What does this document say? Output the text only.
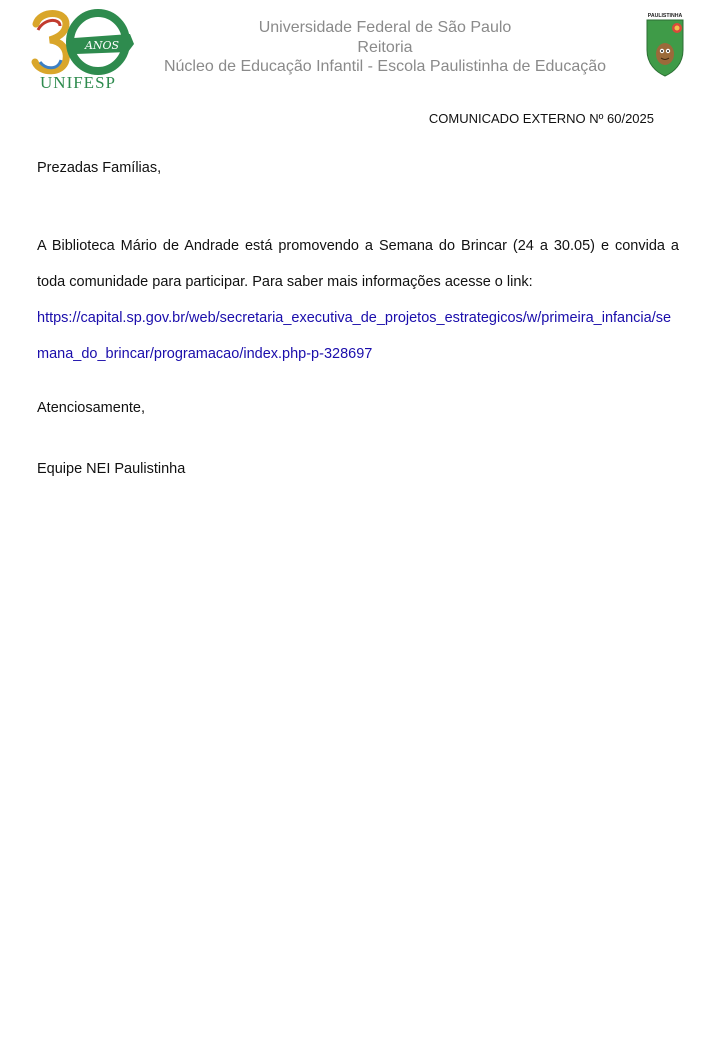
ANOS
UNIFESP
Universidade Federal de São Paulo
Reitoria
Núcleo de Educação Infantil - Escola Paulistinha de Educação
PAULISTINHA
COMUNICADO EXTERNO Nº 60/2025
Prezadas Famílias,
A Biblioteca Mário de Andrade está promovendo a Semana do Brincar (24 a 30.05) e convida a toda comunidade para participar. Para saber mais informações acesse o link:
https://capital.sp.gov.br/web/secretaria_executiva_de_projetos_estrategicos/w/primeira_infancia/semana_do_brincar/programacao/index.php-p-328697
Atenciosamente,
Equipe NEI Paulistinha
